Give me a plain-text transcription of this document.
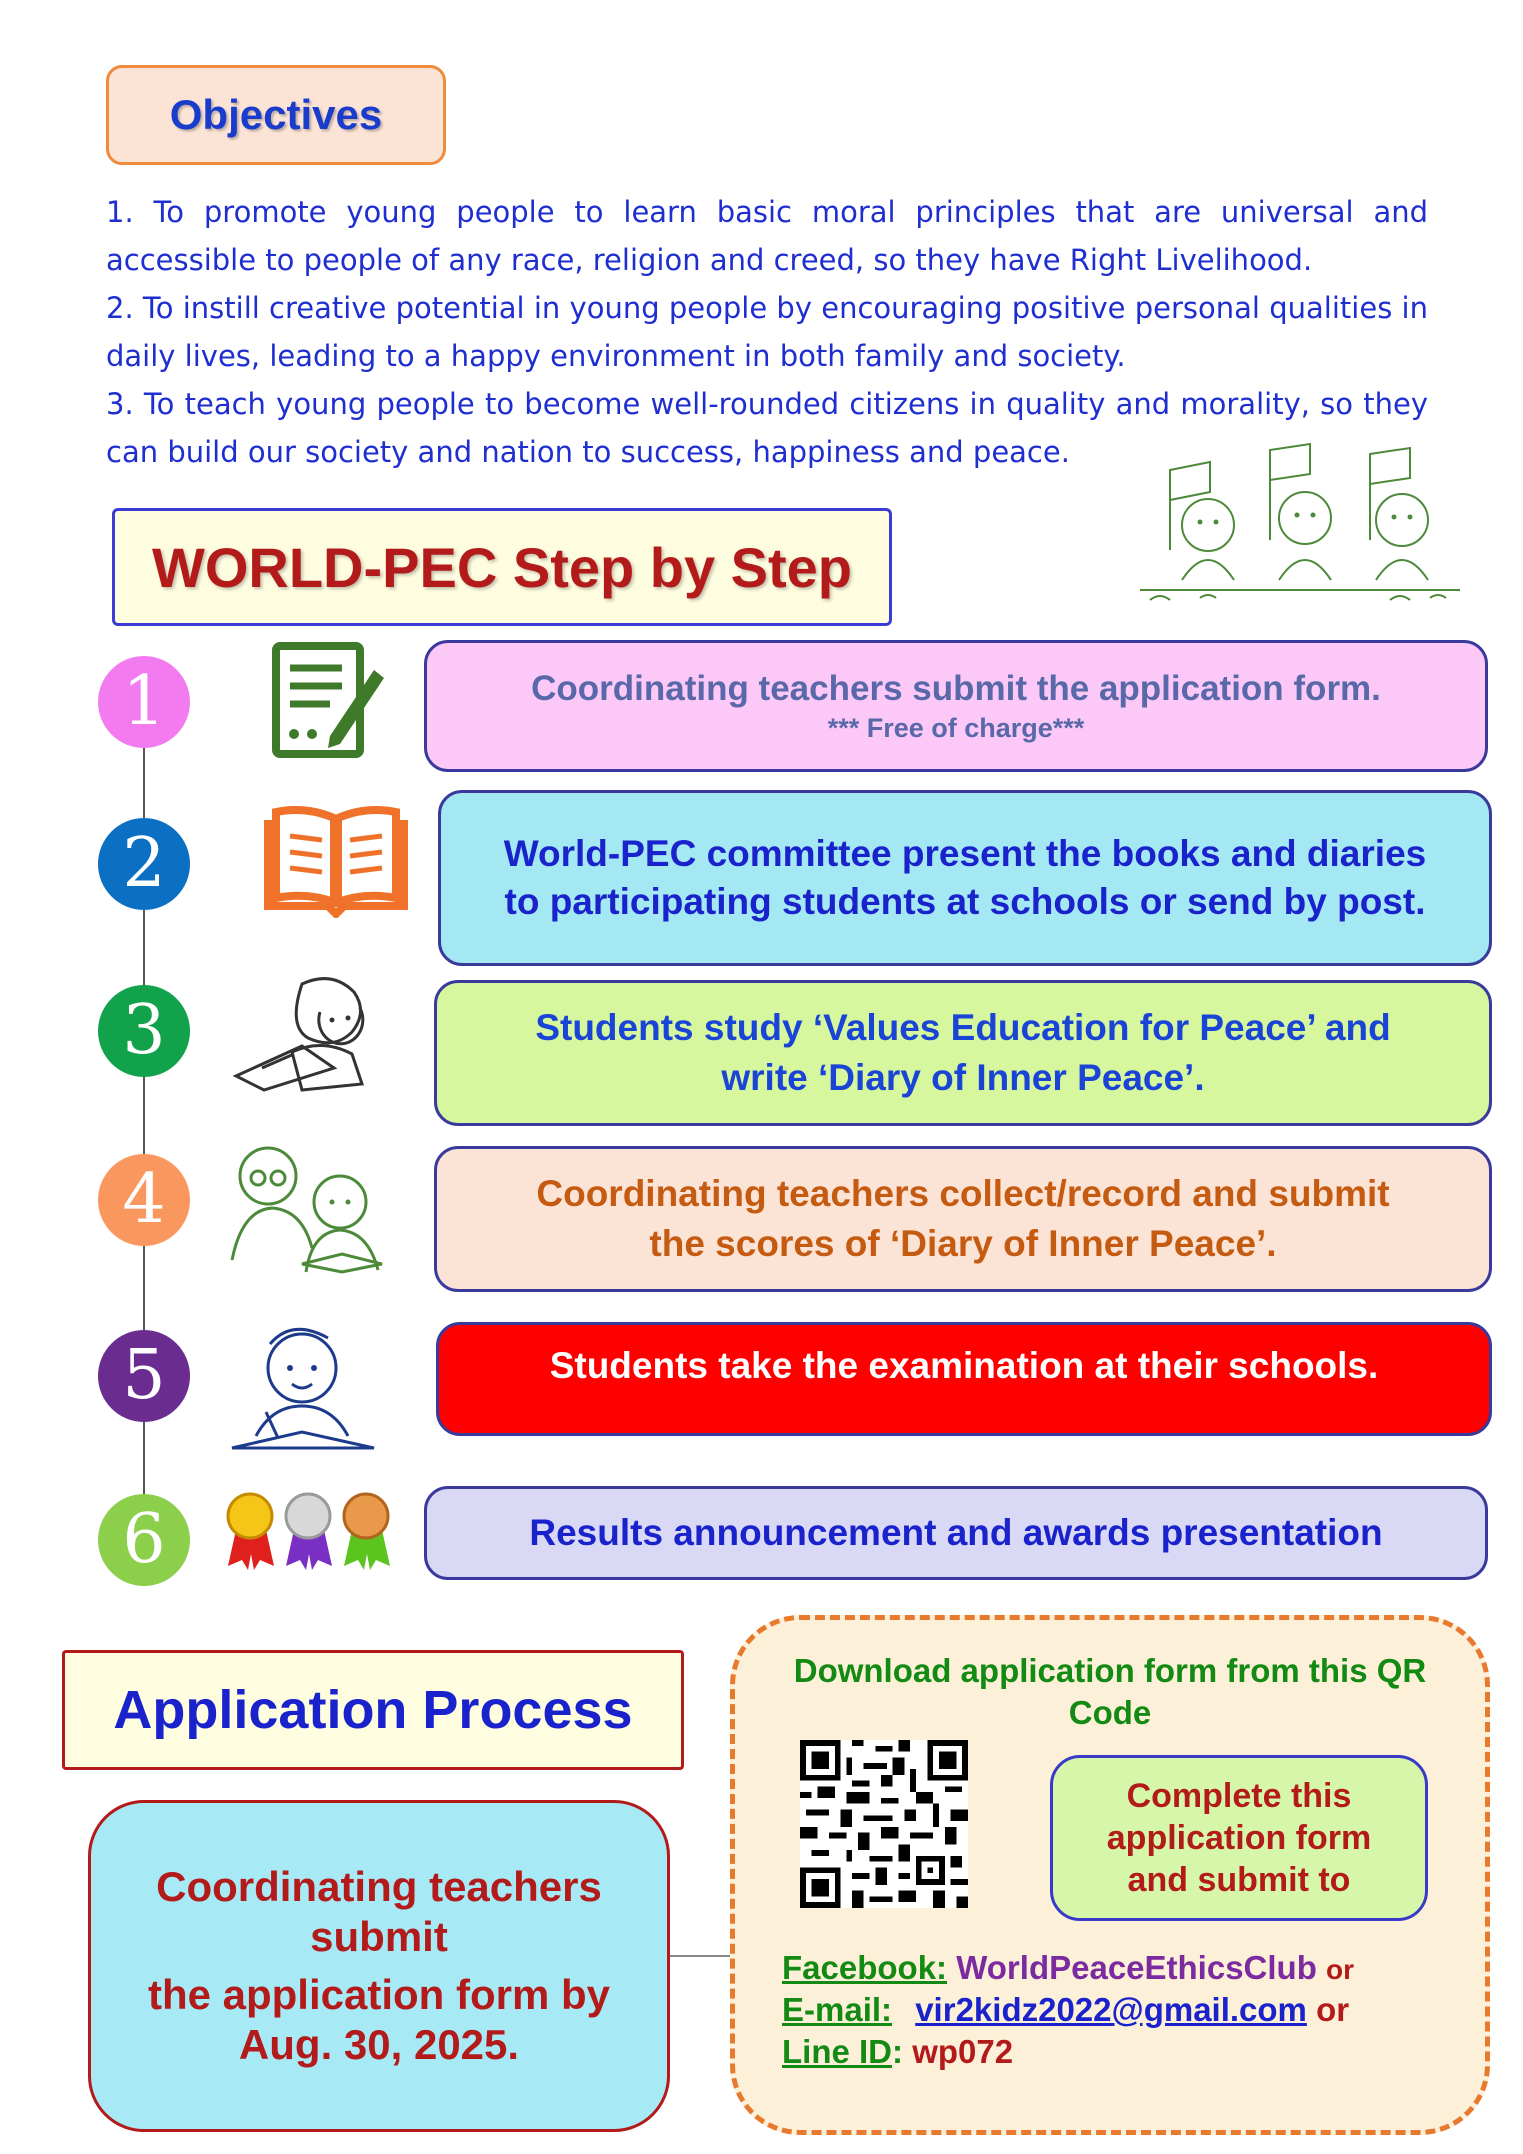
Objectives

1. To promote young people to learn basic moral principles that are universal and accessible to people of any race, religion and creed, so they have Right Livelihood.

2. To instill creative potential in young people by encouraging positive personal qualities in daily lives, leading to a happy environment in both family and society.

3. To teach young people to become well-rounded citizens in quality and morality, so they can build our society and nation to success, happiness and peace.

WORLD-PEC Step by Step
1	Coordinating teachers submit the application form.
*** Free of charge***
2	World-PEC committee present the books and diaries
to participating students at schools or send by post.
3	Students study ‘Values Education for Peace’ and
write ‘Diary of Inner Peace’.
4	Coordinating teachers collect/record and submit
the scores of ‘Diary of Inner Peace’.
5	Students take the examination at their schools.
6	Results announcement and awards presentation
Application Process
Coordinating teachers
submit
the application form by
Aug. 30, 2025.
Download application form from this QR Code
Complete this
application form
and submit to
Facebook: WorldPeaceEthicsClub or
E-mail: vir2kidz2022@gmail.com or
Line ID: wp072
